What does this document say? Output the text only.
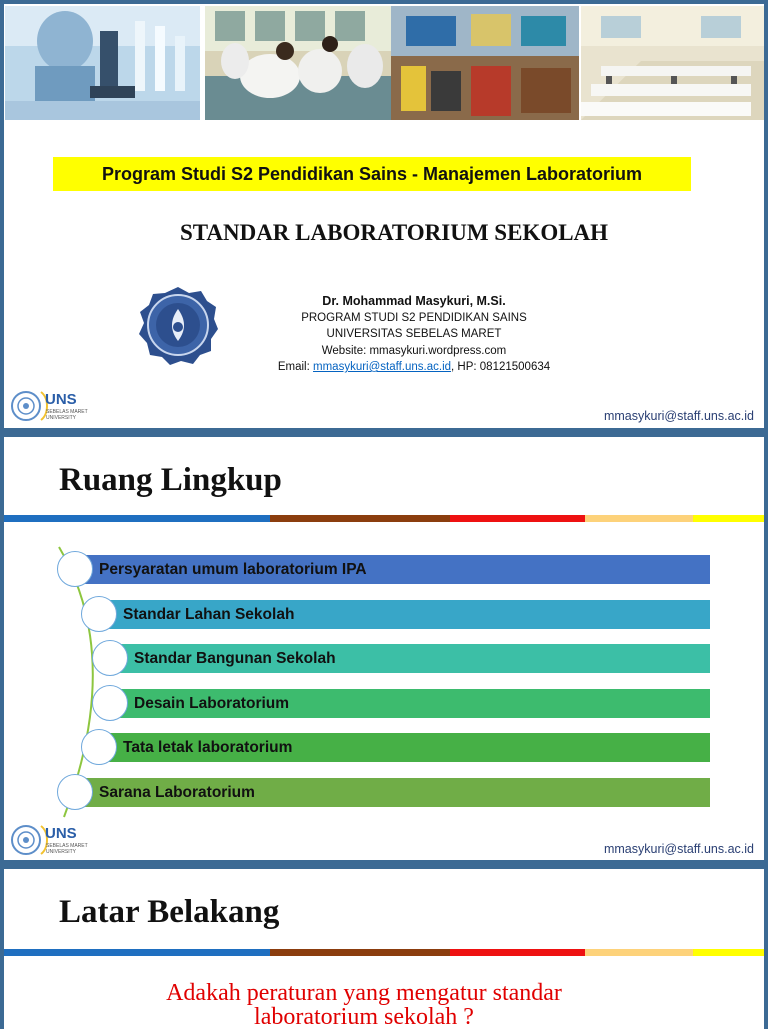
Program Studi S2 Pendidikan Sains - Manajemen Laboratorium
STANDAR LABORATORIUM SEKOLAH
Dr. Mohammad Masykuri, M.Si.
PROGRAM STUDI S2 PENDIDIKAN SAINS
UNIVERSITAS SEBELAS MARET
Website: mmasykuri.wordpress.com
Email: mmasykuri@staff.uns.ac.id, HP: 08121500634
UNS
SEBELAS MARET
UNIVERSITY	mmasykuri@staff.uns.ac.id
Ruang Lingkup
Persyaratan umum laboratorium IPA
Standar Lahan Sekolah
Standar Bangunan Sekolah
Desain Laboratorium
Tata letak laboratorium
Sarana Laboratorium
UNS
SEBELAS MARET
UNIVERSITY	mmasykuri@staff.uns.ac.id
Latar Belakang
Adakah peraturan yang mengatur standar
laboratorium sekolah ?
